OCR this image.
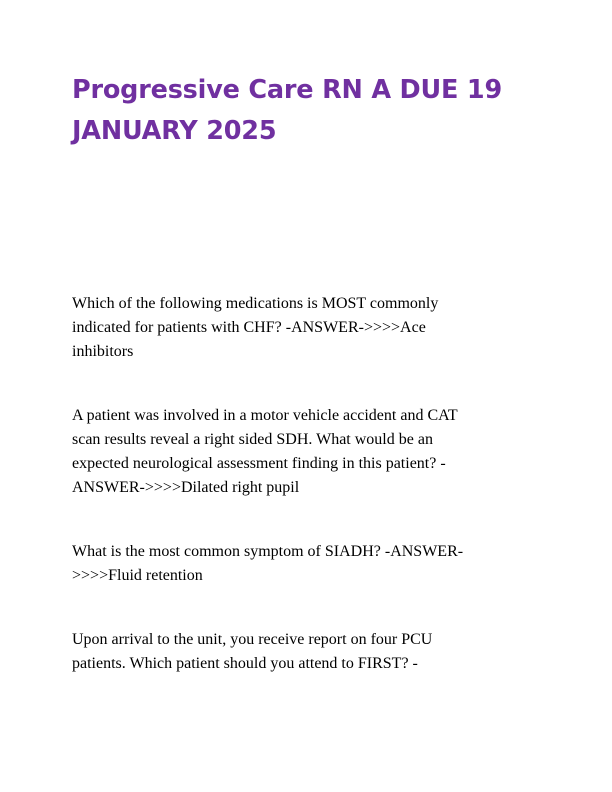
Progressive Care RN A DUE 19
JANUARY 2025

Which of the following medications is MOST commonly
indicated for patients with CHF? -ANSWER->>>>Ace
inhibitors

A patient was involved in a motor vehicle accident and CAT
scan results reveal a right sided SDH. What would be an
expected neurological assessment finding in this patient? -
ANSWER->>>>Dilated right pupil

What is the most common symptom of SIADH? -ANSWER-
>>>>Fluid retention

Upon arrival to the unit, you receive report on four PCU
patients. Which patient should you attend to FIRST? -
